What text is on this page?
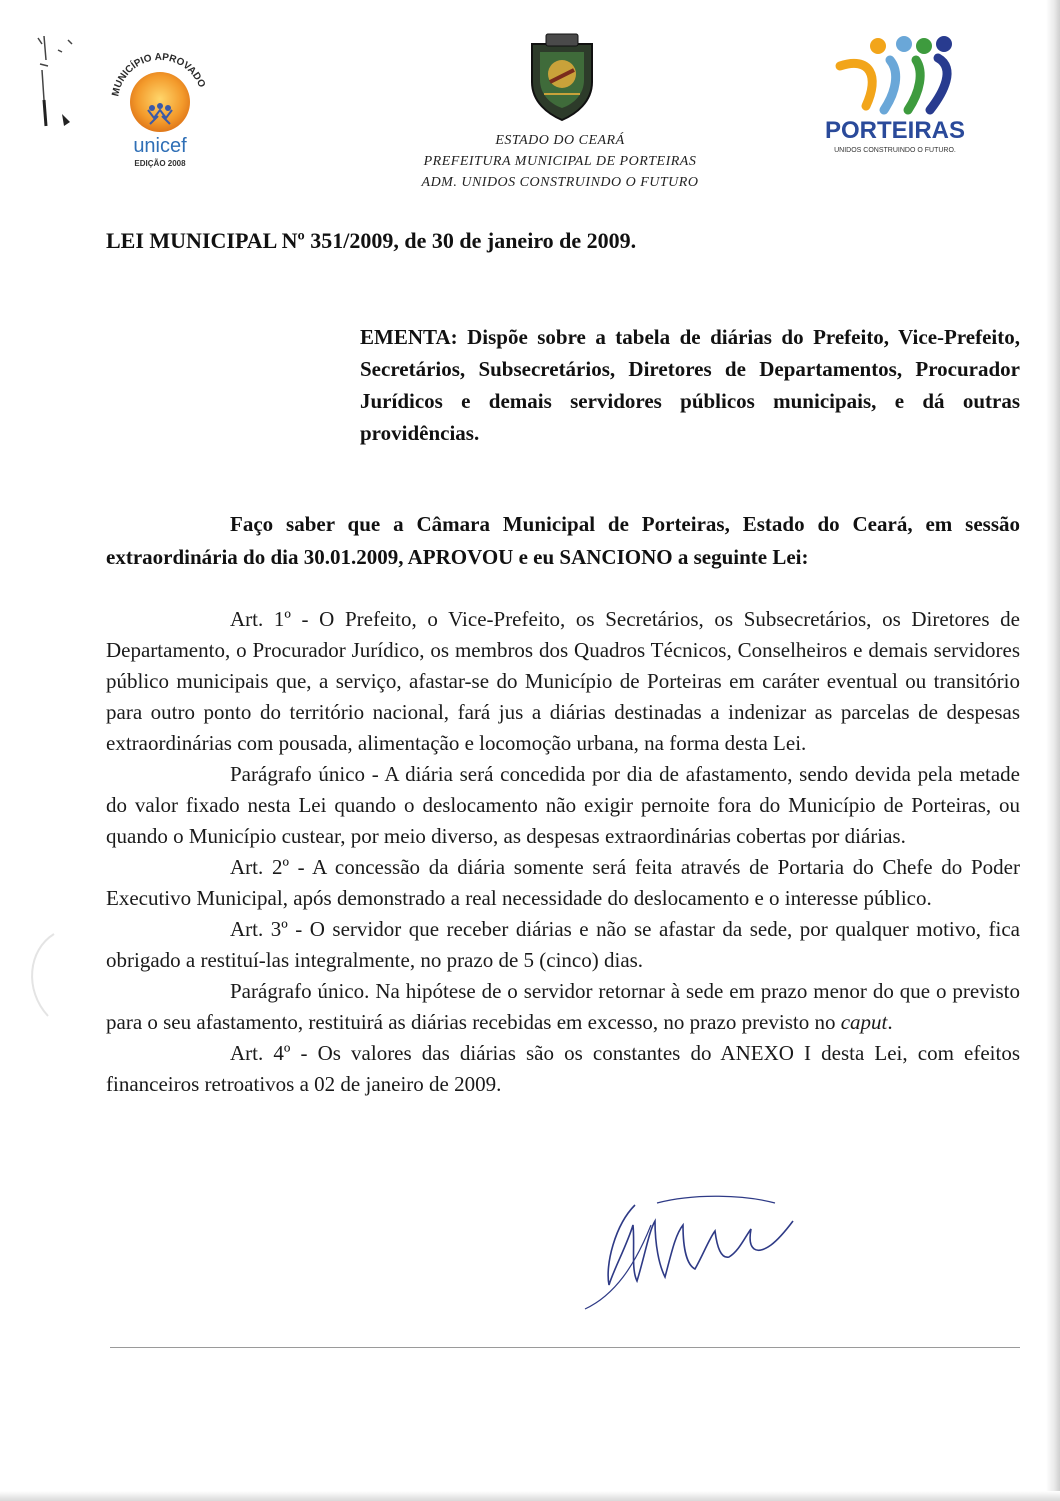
MUNICÍPIO APROVADO
unicef
EDIÇÃO 2008
PORTEIRAS
UNIDOS CONSTRUINDO O FUTURO.
ESTADO DO CEARÁ
PREFEITURA MUNICIPAL DE PORTEIRAS
ADM. UNIDOS CONSTRUINDO O FUTURO
LEI MUNICIPAL Nº 351/2009, de 30 de janeiro de 2009.
EMENTA: Dispõe sobre a tabela de diárias do Prefeito, Vice-Prefeito, Secretários, Subsecretários, Diretores de Departamentos, Procurador Jurídicos e demais servidores públicos municipais, e dá outras providências.
Faço saber que a Câmara Municipal de Porteiras, Estado do Ceará, em sessão extraordinária do dia 30.01.2009, APROVOU e eu SANCIONO a seguinte Lei:

Art. 1º - O Prefeito, o Vice-Prefeito, os Secretários, os Subsecretários, os Diretores de Departamento, o Procurador Jurídico, os membros dos Quadros Técnicos, Conselheiros e demais servidores público municipais que, a serviço, afastar-se do Município de Porteiras em caráter eventual ou transitório para outro ponto do território nacional, fará jus a diárias destinadas a indenizar as parcelas de despesas extraordinárias com pousada, alimentação e locomoção urbana, na forma desta Lei.

Parágrafo único - A diária será concedida por dia de afastamento, sendo devida pela metade do valor fixado nesta Lei quando o deslocamento não exigir pernoite fora do Município de Porteiras, ou quando o Município custear, por meio diverso, as despesas extraordinárias cobertas por diárias.

Art. 2º - A concessão da diária somente será feita através de Portaria do Chefe do Poder Executivo Municipal, após demonstrado a real necessidade do deslocamento e o interesse público.

Art. 3º - O servidor que receber diárias e não se afastar da sede, por qualquer motivo, fica obrigado a restituí-las integralmente, no prazo de 5 (cinco) dias.

Parágrafo único. Na hipótese de o servidor retornar à sede em prazo menor do que o previsto para o seu afastamento, restituirá as diárias recebidas em excesso, no prazo previsto no caput.

Art. 4º - Os valores das diárias são os constantes do ANEXO I desta Lei, com efeitos financeiros retroativos a 02 de janeiro de 2009.
